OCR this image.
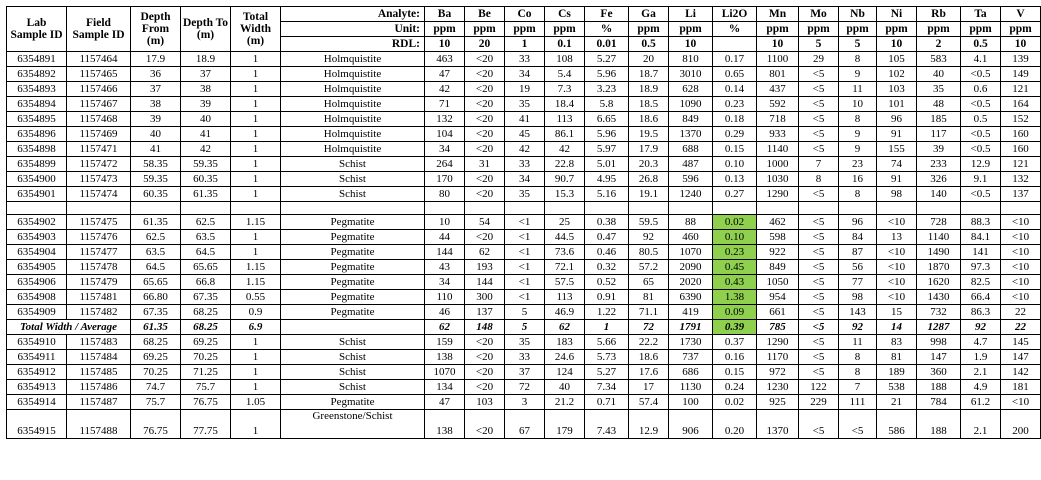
Lab Sample ID	Field Sample ID	Depth From (m)	Depth To (m)	Total Width (m)	Analyte:	Ba	Be	Co	Cs	Fe	Ga	Li	Li2O	Mn	Mo	Nb	Ni	Rb	Ta	V
					Unit:	ppm	ppm	ppm	ppm	%	ppm	ppm	%	ppm	ppm	ppm	ppm	ppm	ppm	ppm
					RDL:	10	20	1	0.1	0.01	0.5	10		10	5	5	10	2	0.5	10
6354891	1157464	17.9	18.9	1	Holmquistite	463	<20	33	108	5.27	20	810	0.17	1100	29	8	105	583	4.1	139
6354892	1157465	36	37	1	Holmquistite	47	<20	34	5.4	5.96	18.7	3010	0.65	801	<5	9	102	40	<0.5	149
6354893	1157466	37	38	1	Holmquistite	42	<20	19	7.3	3.23	18.9	628	0.14	437	<5	11	103	35	0.6	121
6354894	1157467	38	39	1	Holmquistite	71	<20	35	18.4	5.8	18.5	1090	0.23	592	<5	10	101	48	<0.5	164
6354895	1157468	39	40	1	Holmquistite	132	<20	41	113	6.65	18.6	849	0.18	718	<5	8	96	185	0.5	152
6354896	1157469	40	41	1	Holmquistite	104	<20	45	86.1	5.96	19.5	1370	0.29	933	<5	9	91	117	<0.5	160
6354898	1157471	41	42	1	Holmquistite	34	<20	42	42	5.97	17.9	688	0.15	1140	<5	9	155	39	<0.5	160
6354899	1157472	58.35	59.35	1	Schist	264	31	33	22.8	5.01	20.3	487	0.10	1000	7	23	74	233	12.9	121
6354900	1157473	59.35	60.35	1	Schist	170	<20	34	90.7	4.95	26.8	596	0.13	1030	8	16	91	326	9.1	132
6354901	1157474	60.35	61.35	1	Schist	80	<20	35	15.3	5.16	19.1	1240	0.27	1290	<5	8	98	140	<0.5	137

6354902	1157475	61.35	62.5	1.15	Pegmatite	10	54	<1	25	0.38	59.5	88	0.02	462	<5	96	<10	728	88.3	<10
6354903	1157476	62.5	63.5	1	Pegmatite	44	<20	<1	44.5	0.47	92	460	0.10	598	<5	84	13	1140	84.1	<10
6354904	1157477	63.5	64.5	1	Pegmatite	144	62	<1	73.6	0.46	80.5	1070	0.23	922	<5	87	<10	1490	141	<10
6354905	1157478	64.5	65.65	1.15	Pegmatite	43	193	<1	72.1	0.32	57.2	2090	0.45	849	<5	56	<10	1870	97.3	<10
6354906	1157479	65.65	66.8	1.15	Pegmatite	34	144	<1	57.5	0.52	65	2020	0.43	1050	<5	77	<10	1620	82.5	<10
6354908	1157481	66.80	67.35	0.55	Pegmatite	110	300	<1	113	0.91	81	6390	1.38	954	<5	98	<10	1430	66.4	<10
6354909	1157482	67.35	68.25	0.9	Pegmatite	46	137	5	46.9	1.22	71.1	419	0.09	661	<5	143	15	732	86.3	22
Total Width / Average		61.35	68.25	6.9		62	148	5	62	1	72	1791	0.39	785	<5	92	14	1287	92	22
6354910	1157483	68.25	69.25	1	Schist	159	<20	35	183	5.66	22.2	1730	0.37	1290	<5	11	83	998	4.7	145
6354911	1157484	69.25	70.25	1	Schist	138	<20	33	24.6	5.73	18.6	737	0.16	1170	<5	8	81	147	1.9	147
6354912	1157485	70.25	71.25	1	Schist	1070	<20	37	124	5.27	17.6	686	0.15	972	<5	8	189	360	2.1	142
6354913	1157486	74.7	75.7	1	Schist	134	<20	72	40	7.34	17	1130	0.24	1230	122	7	538	188	4.9	181
6354914	1157487	75.7	76.75	1.05	Pegmatite	47	103	3	21.2	0.71	57.4	100	0.02	925	229	111	21	784	61.2	<10
6354915	1157488	76.75	77.75	1	Greenstone/Schist	138	<20	67	179	7.43	12.9	906	0.20	1370	<5	<5	586	188	2.1	200
